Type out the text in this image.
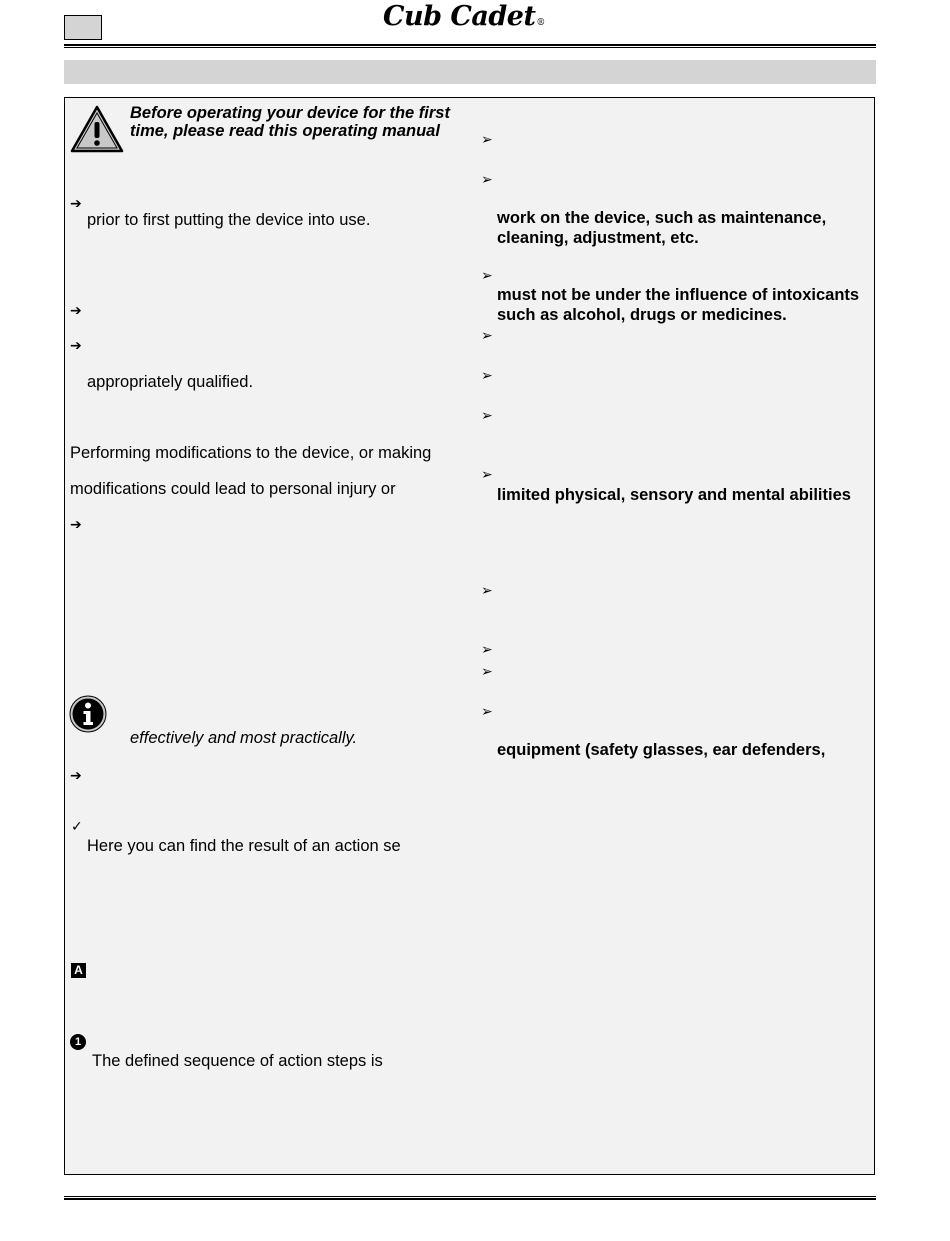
Cub Cadet®
Before operating your device for the first
time, please read this operating manual
➔
prior to first putting the device into use.
➔
➔
appropriately qualified.
Performing modifications to the device, or making
modifications could lead to personal injury or
➔
effectively and most practically.
➔
✓
Here you can find the result of an action se
A
1
The defined sequence of action steps is
➢
➢
work on the device, such as maintenance,
cleaning, adjustment, etc.
➢
must not be under the influence of intoxicants
such as alcohol, drugs or medicines.
➢
➢
➢
➢
limited physical, sensory and mental abilities
➢
➢
➢
➢
equipment (safety glasses, ear defenders,
